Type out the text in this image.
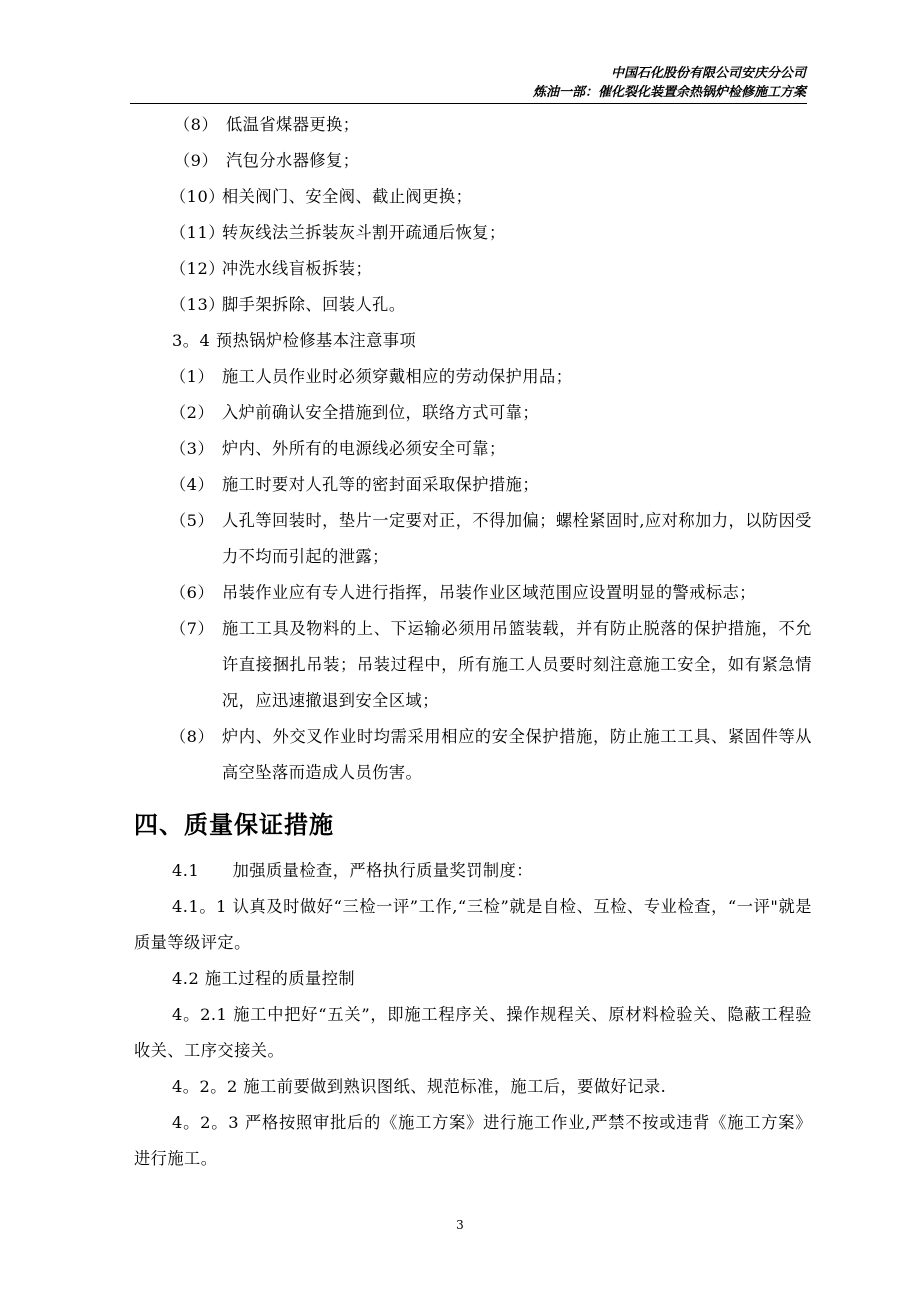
中国石化股份有限公司安庆分公司
炼油一部：催化裂化装置余热锅炉检修施工方案
（8） 低温省煤器更换；
（9） 汽包分水器修复；
（10）
相关阀门、安全阀、截止阀更换；
（11）
转灰线法兰拆装灰斗割开疏通后恢复；
（12）
冲洗水线盲板拆装；
（13）
脚手架拆除、回装人孔。

3。4 预热锅炉检修基本注意事项

（1） 施工人员作业时必须穿戴相应的劳动保护用品；
（2） 入炉前确认安全措施到位，联络方式可靠；
（3） 炉内、外所有的电源线必须安全可靠；
（4） 施工时要对人孔等的密封面采取保护措施；
（5） 人孔等回装时，垫片一定要对正，不得加偏；螺栓紧固时,应对称加力，以防因受力不均而引起的泄露；
（6） 吊装作业应有专人进行指挥，吊装作业区域范围应设置明显的警戒标志；
（7） 施工工具及物料的上、下运输必须用吊篮装载，并有防止脱落的保护措施，不允许直接捆扎吊装；吊装过程中，所有施工人员要时刻注意施工安全，如有紧急情况，应迅速撤退到安全区域；
（8） 炉内、外交叉作业时均需采用相应的安全保护措施，防止施工工具、紧固件等从高空坠落而造成人员伤害。
四、质量保证措施

4.1　　加强质量检查，严格执行质量奖罚制度：

4.1。1 认真及时做好“三检一评”工作,“三检”就是自检、互检、专业检查，“一评"就是质量等级评定。

4.2 施工过程的质量控制

4。2.1 施工中把好“五关”，即施工程序关、操作规程关、原材料检验关、隐蔽工程验收关、工序交接关。

4。2。2 施工前要做到熟识图纸、规范标准，施工后，要做好记录.

4。2。3 严格按照审批后的《施工方案》进行施工作业,严禁不按或违背《施工方案》进行施工。

3
